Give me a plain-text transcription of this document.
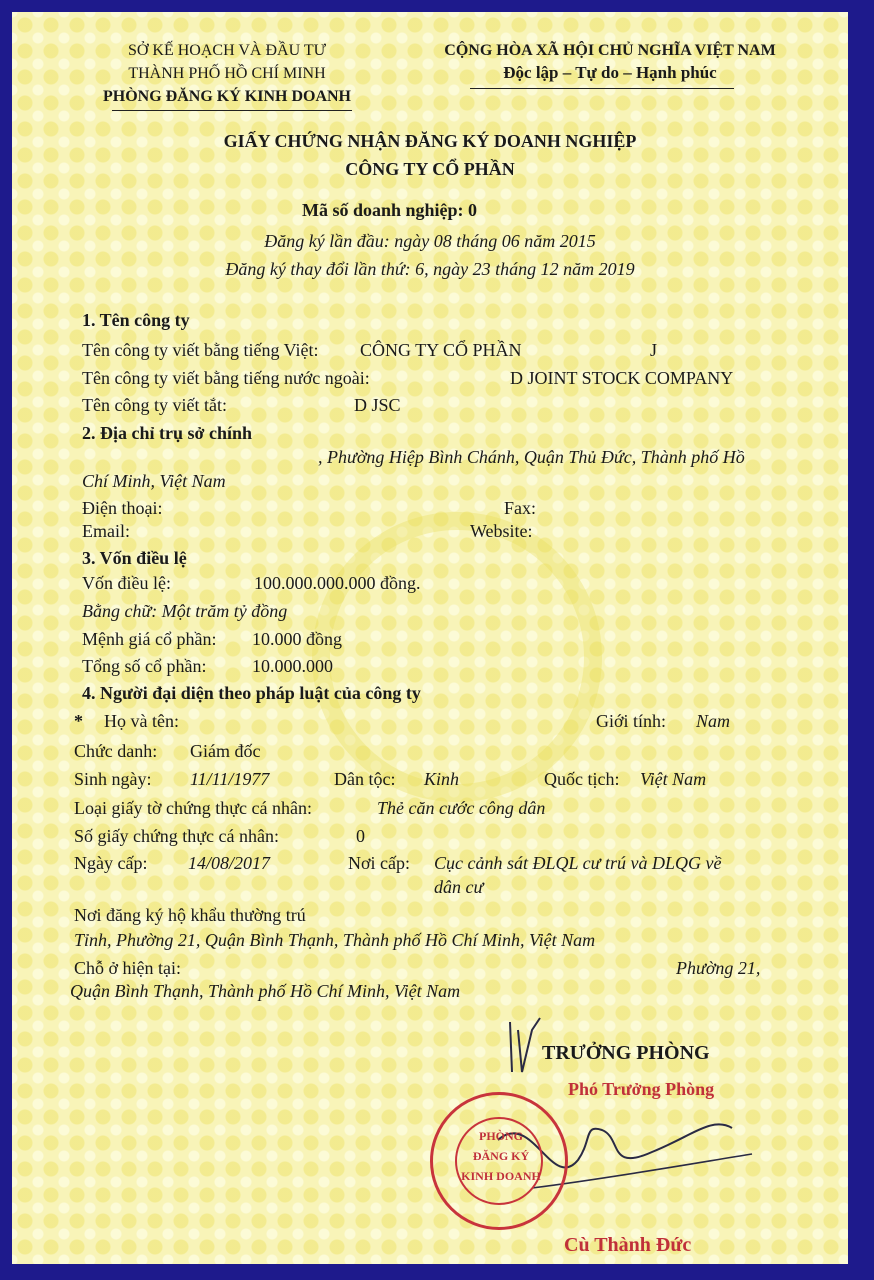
SỞ KẾ HOẠCH VÀ ĐẦU TƯ
THÀNH PHỐ HỒ CHÍ MINH
PHÒNG ĐĂNG KÝ KINH DOANH
CỘNG HÒA XÃ HỘI CHỦ NGHĨA VIỆT NAM
Độc lập – Tự do – Hạnh phúc
GIẤY CHỨNG NHẬN ĐĂNG KÝ DOANH NGHIỆP
CÔNG TY CỔ PHẦN
Mã số doanh nghiệp: 0
Đăng ký lần đầu: ngày 08 tháng 06 năm 2015
Đăng ký thay đổi lần thứ: 6, ngày 23 tháng 12 năm 2019
1. Tên công ty
Tên công ty viết bằng tiếng Việt: CÔNG TY CỔ PHẦN	J
Tên công ty viết bằng tiếng nước ngoài:	D JOINT STOCK COMPANY
Tên công ty viết tắt:	D JSC
2. Địa chỉ trụ sở chính
, Phường Hiệp Bình Chánh, Quận Thủ Đức, Thành phố Hồ
Chí Minh, Việt Nam
Điện thoại:	Fax:
Email:	Website:
3. Vốn điều lệ
Vốn điều lệ:	100.000.000.000 đồng.
Bằng chữ: Một trăm tỷ đồng
Mệnh giá cổ phần: 10.000 đồng
Tổng số cổ phần:	10.000.000
4. Người đại diện theo pháp luật của công ty
* Họ và tên:	Giới tính: Nam
Chức danh: Giám đốc
Sinh ngày: 11/11/1977	Dân tộc: Kinh	Quốc tịch: Việt Nam
Loại giấy tờ chứng thực cá nhân:	Thẻ căn cước công dân
Số giấy chứng thực cá nhân:	0
Ngày cấp: 14/08/2017	Nơi cấp: Cục cảnh sát ĐLQL cư trú và DLQG về
dân cư
Nơi đăng ký hộ khẩu thường trú
Tỉnh, Phường 21, Quận Bình Thạnh, Thành phố Hồ Chí Minh, Việt Nam
Chỗ ở hiện tại:	Phường 21,
Quận Bình Thạnh, Thành phố Hồ Chí Minh, Việt Nam
TRƯỞNG PHÒNG
Phó Trưởng Phòng
PHÒNG
ĐĂNG KÝ
KINH DOANH
Cù Thành Đức
